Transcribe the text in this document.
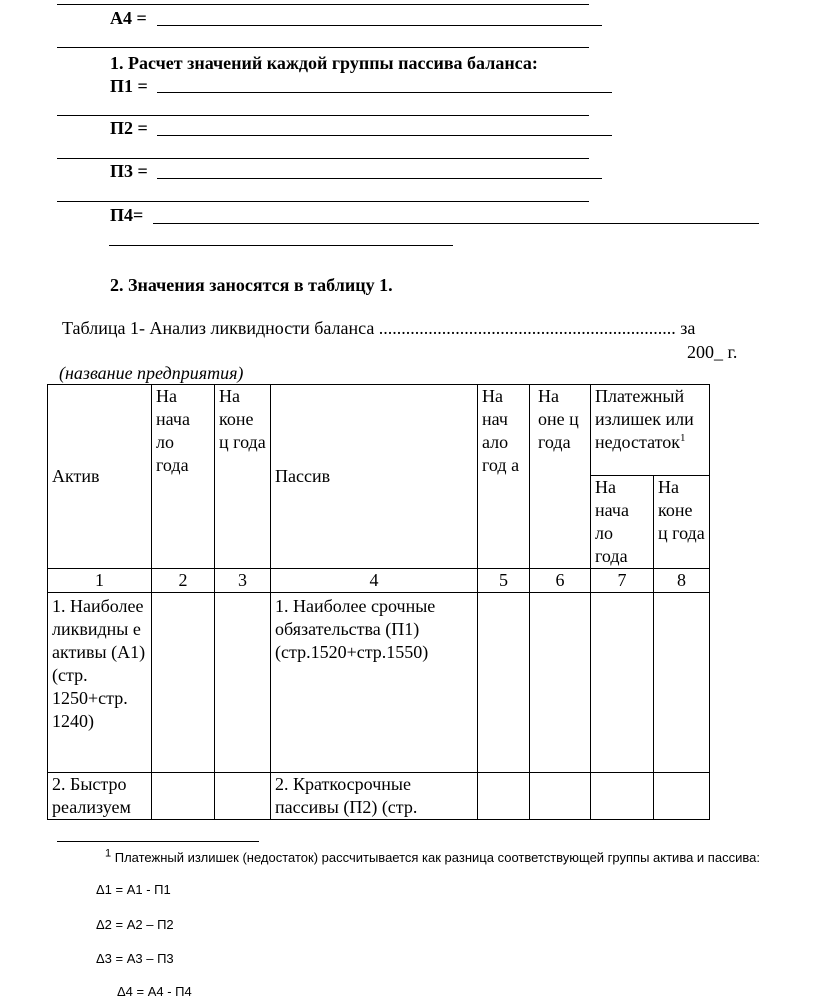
А4 =
1. Расчет значений каждой группы пассива баланса:
П1 =
П2 =
П3 =
П4=
2. Значения заносятся в таблицу 1.
Таблица 1- Анализ ликвидности баланса .................................................................. за
200_ г.
(название предприятия)
Актив	На нача ло года	На коне ц года	Пассив	На нач ало год а	На оне ц года	Платежный излишек или недостаток$^1$
						На нача ло года	На коне ц года
1	2	3	4	5	6	7	8
1. Наиболее ликвидны е активы (А1) (стр. 1250+стр. 1240)			1. Наиболее срочные обязательства (П1) (стр.1520+стр.1550)				
2. Быстро реализуем			2. Краткосрочные пассивы (П2) (стр.				
$^1$ Платежный излишек (недостаток) рассчитывается как разница соответствующей группы актива и пассива:
Δ1 = А1 - П1
Δ2 = А2 – П2
Δ3 = А3 – П3
Δ4 = А4 - П4
